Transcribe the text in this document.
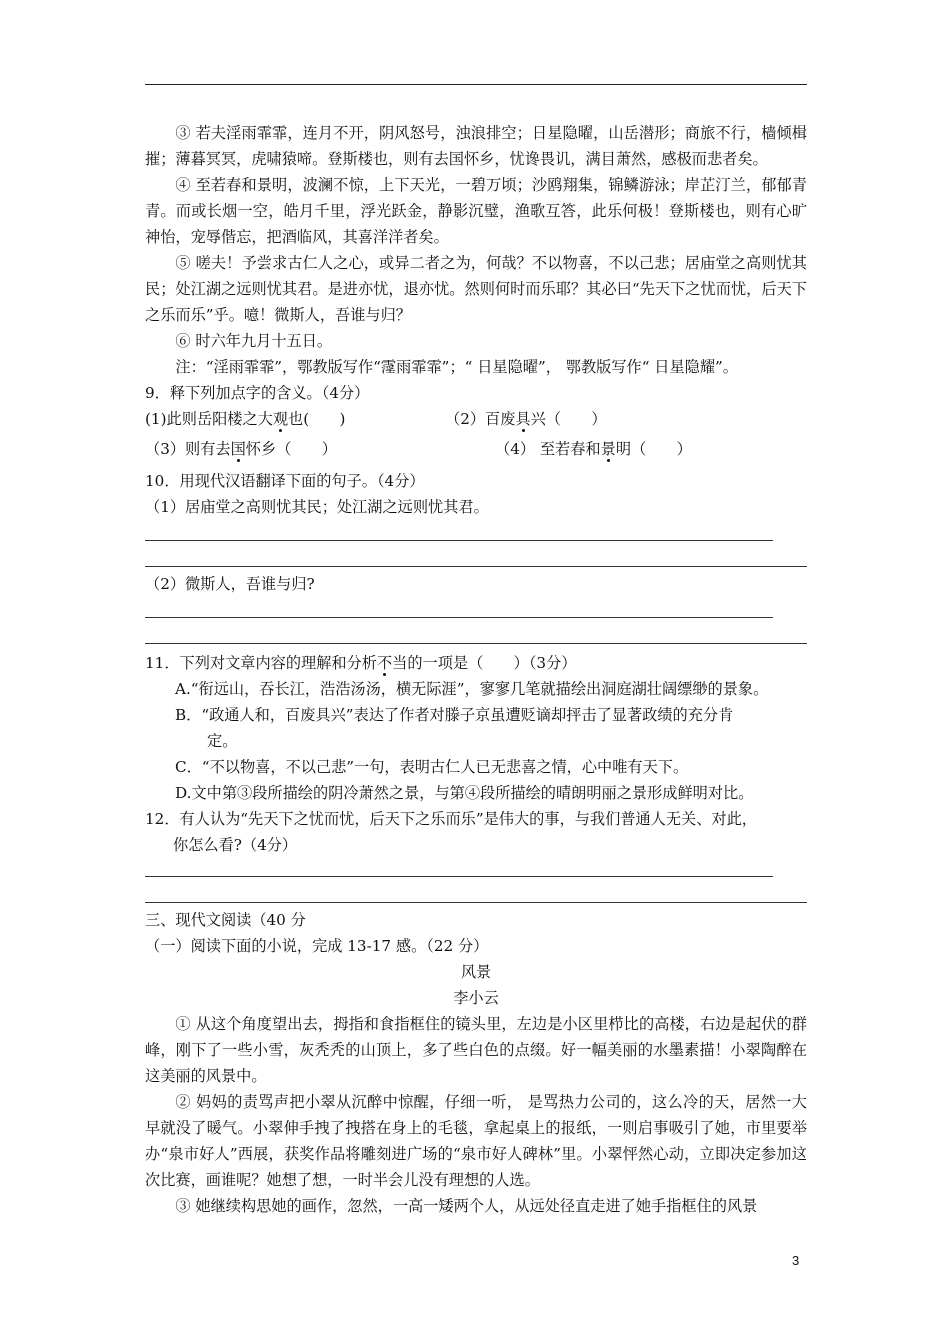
③ 若夫淫雨霏霏，连月不开，阴风怒号，浊浪排空；日星隐曜，山岳潜形；商旅不行，樯倾楫摧；薄暮冥冥，虎啸猿啼。登斯楼也，则有去国怀乡，忧谗畏讥，满目萧然，感极而悲者矣。

④ 至若春和景明，波澜不惊，上下天光，一碧万顷；沙鸥翔集，锦鳞游泳；岸芷汀兰，郁郁青青。而或长烟一空，皓月千里，浮光跃金，静影沉璧，渔歌互答，此乐何极！登斯楼也，则有心旷神怡，宠辱偕忘，把酒临风，其喜洋洋者矣。

⑤ 嗟夫！予尝求古仁人之心，或异二者之为，何哉？不以物喜，不以己悲；居庙堂之高则忧其民；处江湖之远则忧其君。是进亦忧，退亦忧。然则何时而乐耶？其必曰“先天下之忧而忧，后天下之乐而乐”乎。噫！微斯人，吾谁与归？

⑥ 时六年九月十五日。

注：“淫雨霏霏”，鄂教版写作“霪雨霏霏”；“ 日星隐曜”， 鄂教版写作“ 日星隐耀”。

9．释下列加点字的含义。（4分）

(1)此则岳阳楼之大观也(　　)	（2）百废具兴（　　）
（3）则有去国怀乡（　　）	（4） 至若春和景明（　　）

10．用现代汉语翻译下面的句子。（4分）

（1）居庙堂之高则忧其民；处江湖之远则忧其君。

（2）微斯人，吾谁与归?

11．下列对文章内容的理解和分析不当的一项是（　　）（3分）

A.“衔远山，吞长江，浩浩汤汤，横无际涯”，寥寥几笔就描绘出洞庭湖壮阔缥缈的景象。

B．“政通人和，百废具兴”表达了作者对滕子京虽遭贬谪却抨击了显著政绩的充分肯

定。

C．“不以物喜，不以己悲”一句，表明古仁人已无悲喜之情，心中唯有天下。

D.文中第③段所描绘的阴冷萧然之景，与第④段所描绘的晴朗明丽之景形成鲜明对比。

12．有人认为“先天下之忧而忧，后天下之乐而乐”是伟大的事，与我们普通人无关、对此，

你怎么看?（4分）

三、现代文阅读（40 分

（一）阅读下面的小说，完成 13-17 感。（22 分）

风景

李小云

① 从这个角度望出去，拇指和食指框住的镜头里，左边是小区里栉比的高楼，右边是起伏的群峰，刚下了一些小雪，灰秃秃的山顶上，多了些白色的点缀。好一幅美丽的水墨素描！小翠陶醉在这美丽的风景中。

② 妈妈的责骂声把小翠从沉醉中惊醒，仔细一听， 是骂热力公司的，这么冷的天，居然一大早就没了暖气。小翠伸手拽了拽搭在身上的毛毯，拿起桌上的报纸，一则启事吸引了她，市里要举办“泉市好人”西展，获奖作品将雕刻进广场的“泉市好人碑林”里。小翠怦然心动，立即决定参加这次比赛，画谁呢？她想了想，一时半会儿没有理想的人选。

③ 她继续构思她的画作，忽然，一高一矮两个人，从远处径直走进了她手指框住的风景

3
